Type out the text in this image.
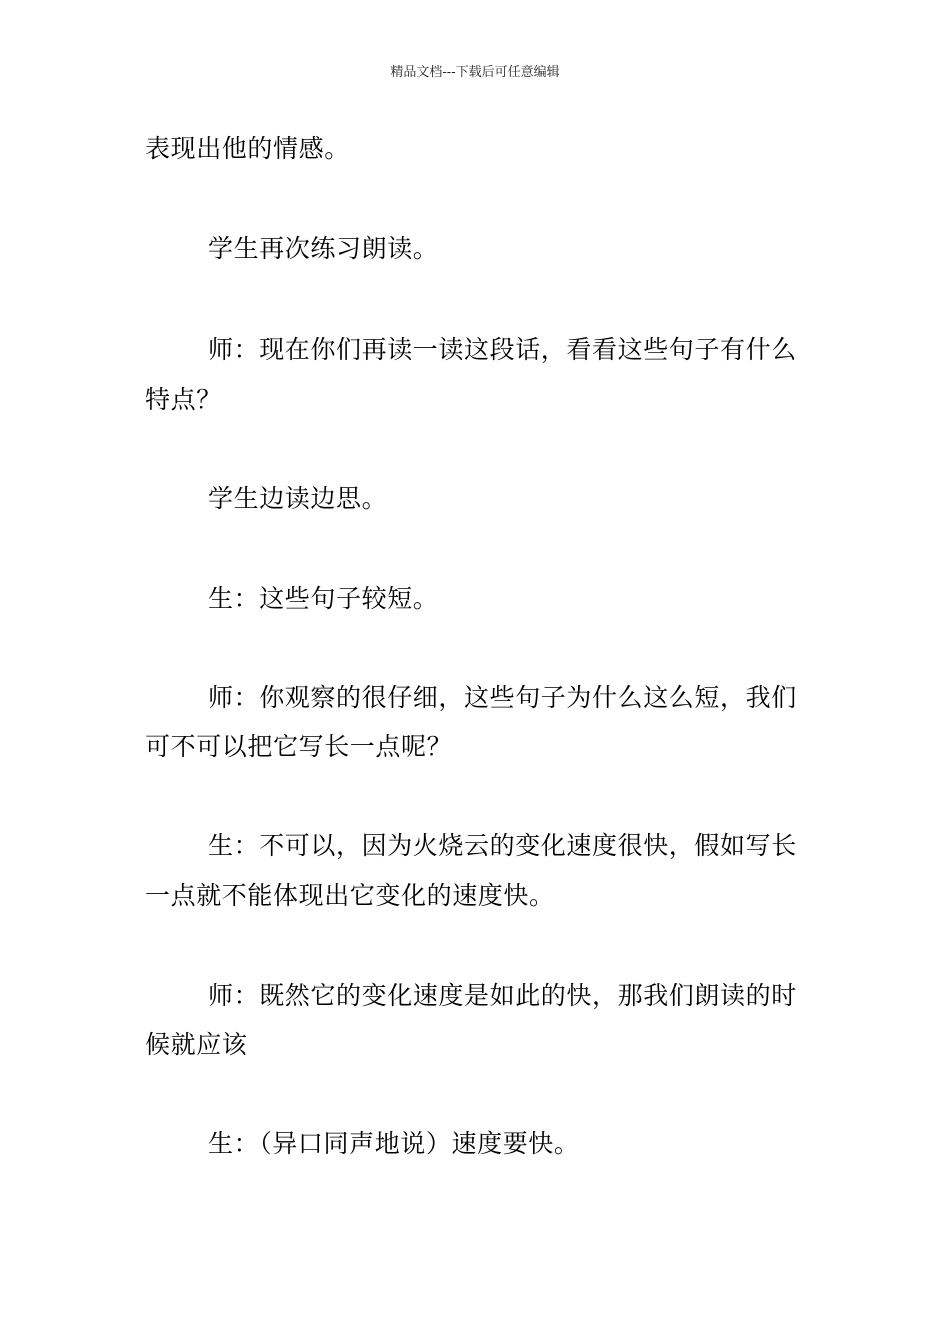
精品文档---下载后可任意编辑
表现出他的情感。
学生再次练习朗读。
师：现在你们再读一读这段话，看看这些句子有什么
特点？
学生边读边思。
生：这些句子较短。
师：你观察的很仔细，这些句子为什么这么短，我们
可不可以把它写长一点呢？
生：不可以，因为火烧云的变化速度很快，假如写长
一点就不能体现出它变化的速度快。
师：既然它的变化速度是如此的快，那我们朗读的时
候就应该
生：（异口同声地说）速度要快。
